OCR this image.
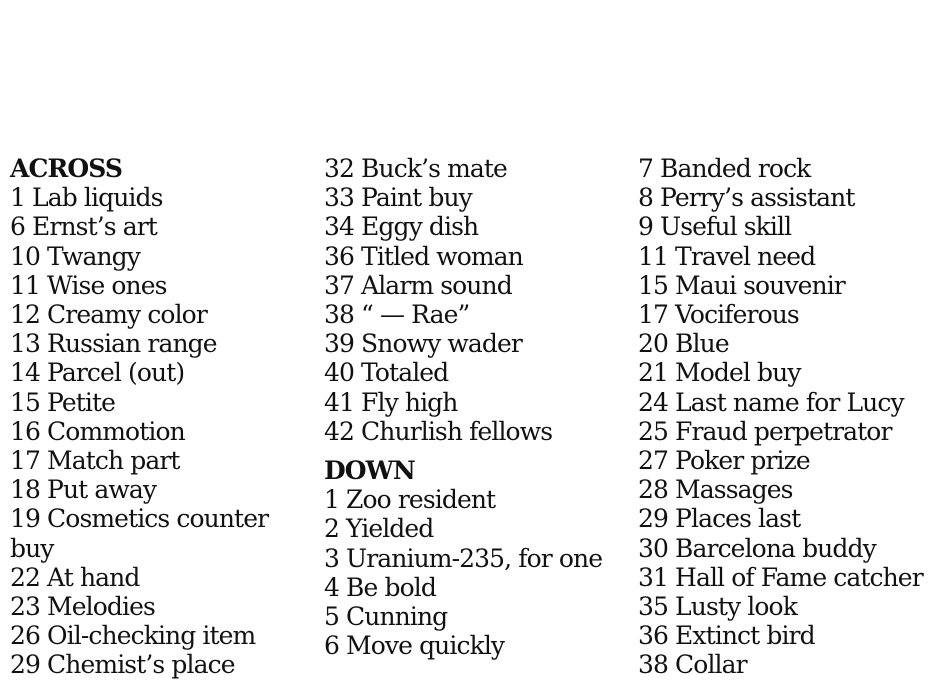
ACROSS
1 Lab liquids
6 Ernst’s art
10 Twangy
11 Wise ones
12 Creamy color
13 Russian range
14 Parcel (out)
15 Petite
16 Commotion
17 Match part
18 Put away
19 Cosmetics counter buy
22 At hand
23 Melodies
26 Oil-checking item
29 Chemist’s place
32 Buck’s mate
33 Paint buy
34 Eggy dish
36 Titled woman
37 Alarm sound
38 “ — Rae”
39 Snowy wader
40 Totaled
41 Fly high
42 Churlish fellows
DOWN
1 Zoo resident
2 Yielded
3 Uranium-235, for one
4 Be bold
5 Cunning
6 Move quickly
7 Banded rock
8 Perry’s assistant
9 Useful skill
11 Travel need
15 Maui souvenir
17 Vociferous
20 Blue
21 Model buy
24 Last name for Lucy
25 Fraud perpetrator
27 Poker prize
28 Massages
29 Places last
30 Barcelona buddy
31 Hall of Fame catcher
35 Lusty look
36 Extinct bird
38 Collar
